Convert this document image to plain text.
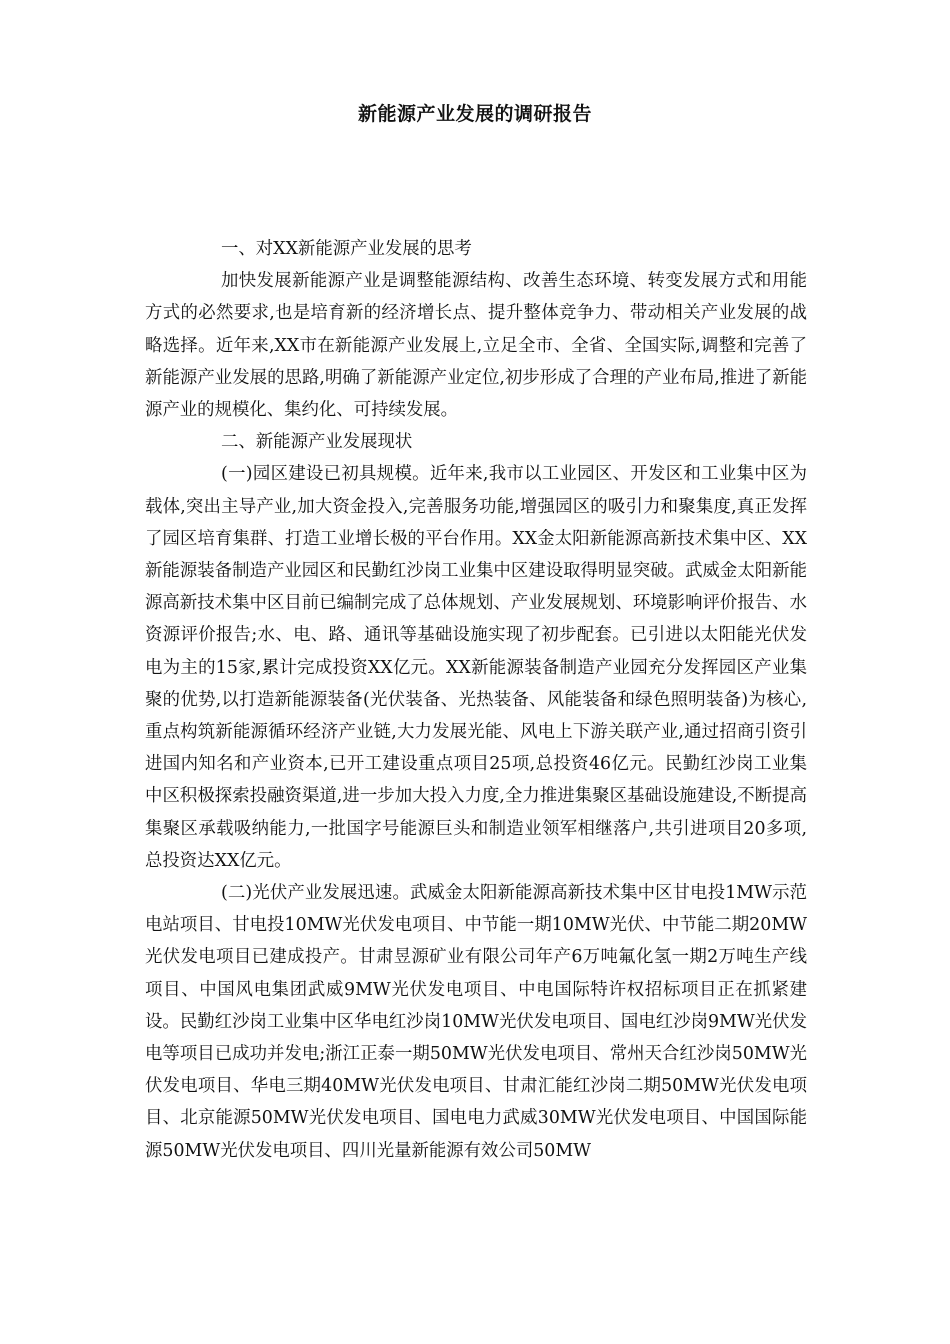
新能源产业发展的调研报告

一、对XX新能源产业发展的思考

加快发展新能源产业是调整能源结构、改善生态环境、转变发展方式和用能方式的必然要求,也是培育新的经济增长点、提升整体竞争力、带动相关产业发展的战略选择。近年来,XX市在新能源产业发展上,立足全市、全省、全国实际,调整和完善了新能源产业发展的思路,明确了新能源产业定位,初步形成了合理的产业布局,推进了新能源产业的规模化、集约化、可持续发展。

二、新能源产业发展现状

(一)园区建设已初具规模。近年来,我市以工业园区、开发区和工业集中区为载体,突出主导产业,加大资金投入,完善服务功能,增强园区的吸引力和聚集度,真正发挥了园区培育集群、打造工业增长极的平台作用。XX金太阳新能源高新技术集中区、XX新能源装备制造产业园区和民勤红沙岗工业集中区建设取得明显突破。武威金太阳新能源高新技术集中区目前已编制完成了总体规划、产业发展规划、环境影响评价报告、水资源评价报告;水、电、路、通讯等基础设施实现了初步配套。已引进以太阳能光伏发电为主的15家,累计完成投资XX亿元。XX新能源装备制造产业园充分发挥园区产业集聚的优势,以打造新能源装备(光伏装备、光热装备、风能装备和绿色照明装备)为核心,重点构筑新能源循环经济产业链,大力发展光能、风电上下游关联产业,通过招商引资引进国内知名和产业资本,已开工建设重点项目25项,总投资46亿元。民勤红沙岗工业集中区积极探索投融资渠道,进一步加大投入力度,全力推进集聚区基础设施建设,不断提高集聚区承载吸纳能力,一批国字号能源巨头和制造业领军相继落户,共引进项目20多项,总投资达XX亿元。

(二)光伏产业发展迅速。武威金太阳新能源高新技术集中区甘电投1MW示范电站项目、甘电投10MW光伏发电项目、中节能一期10MW光伏、中节能二期20MW光伏发电项目已建成投产。甘肃昱源矿业有限公司年产6万吨氟化氢一期2万吨生产线项目、中国风电集团武威9MW光伏发电项目、中电国际特许权招标项目正在抓紧建设。民勤红沙岗工业集中区华电红沙岗10MW光伏发电项目、国电红沙岗9MW光伏发电等项目已成功并发电;浙江正泰一期50MW光伏发电项目、常州天合红沙岗50MW光伏发电项目、华电三期40MW光伏发电项目、甘肃汇能红沙岗二期50MW光伏发电项目、北京能源50MW光伏发电项目、国电电力武威30MW光伏发电项目、中国国际能源50MW光伏发电项目、四川光量新能源有效公司50MW
